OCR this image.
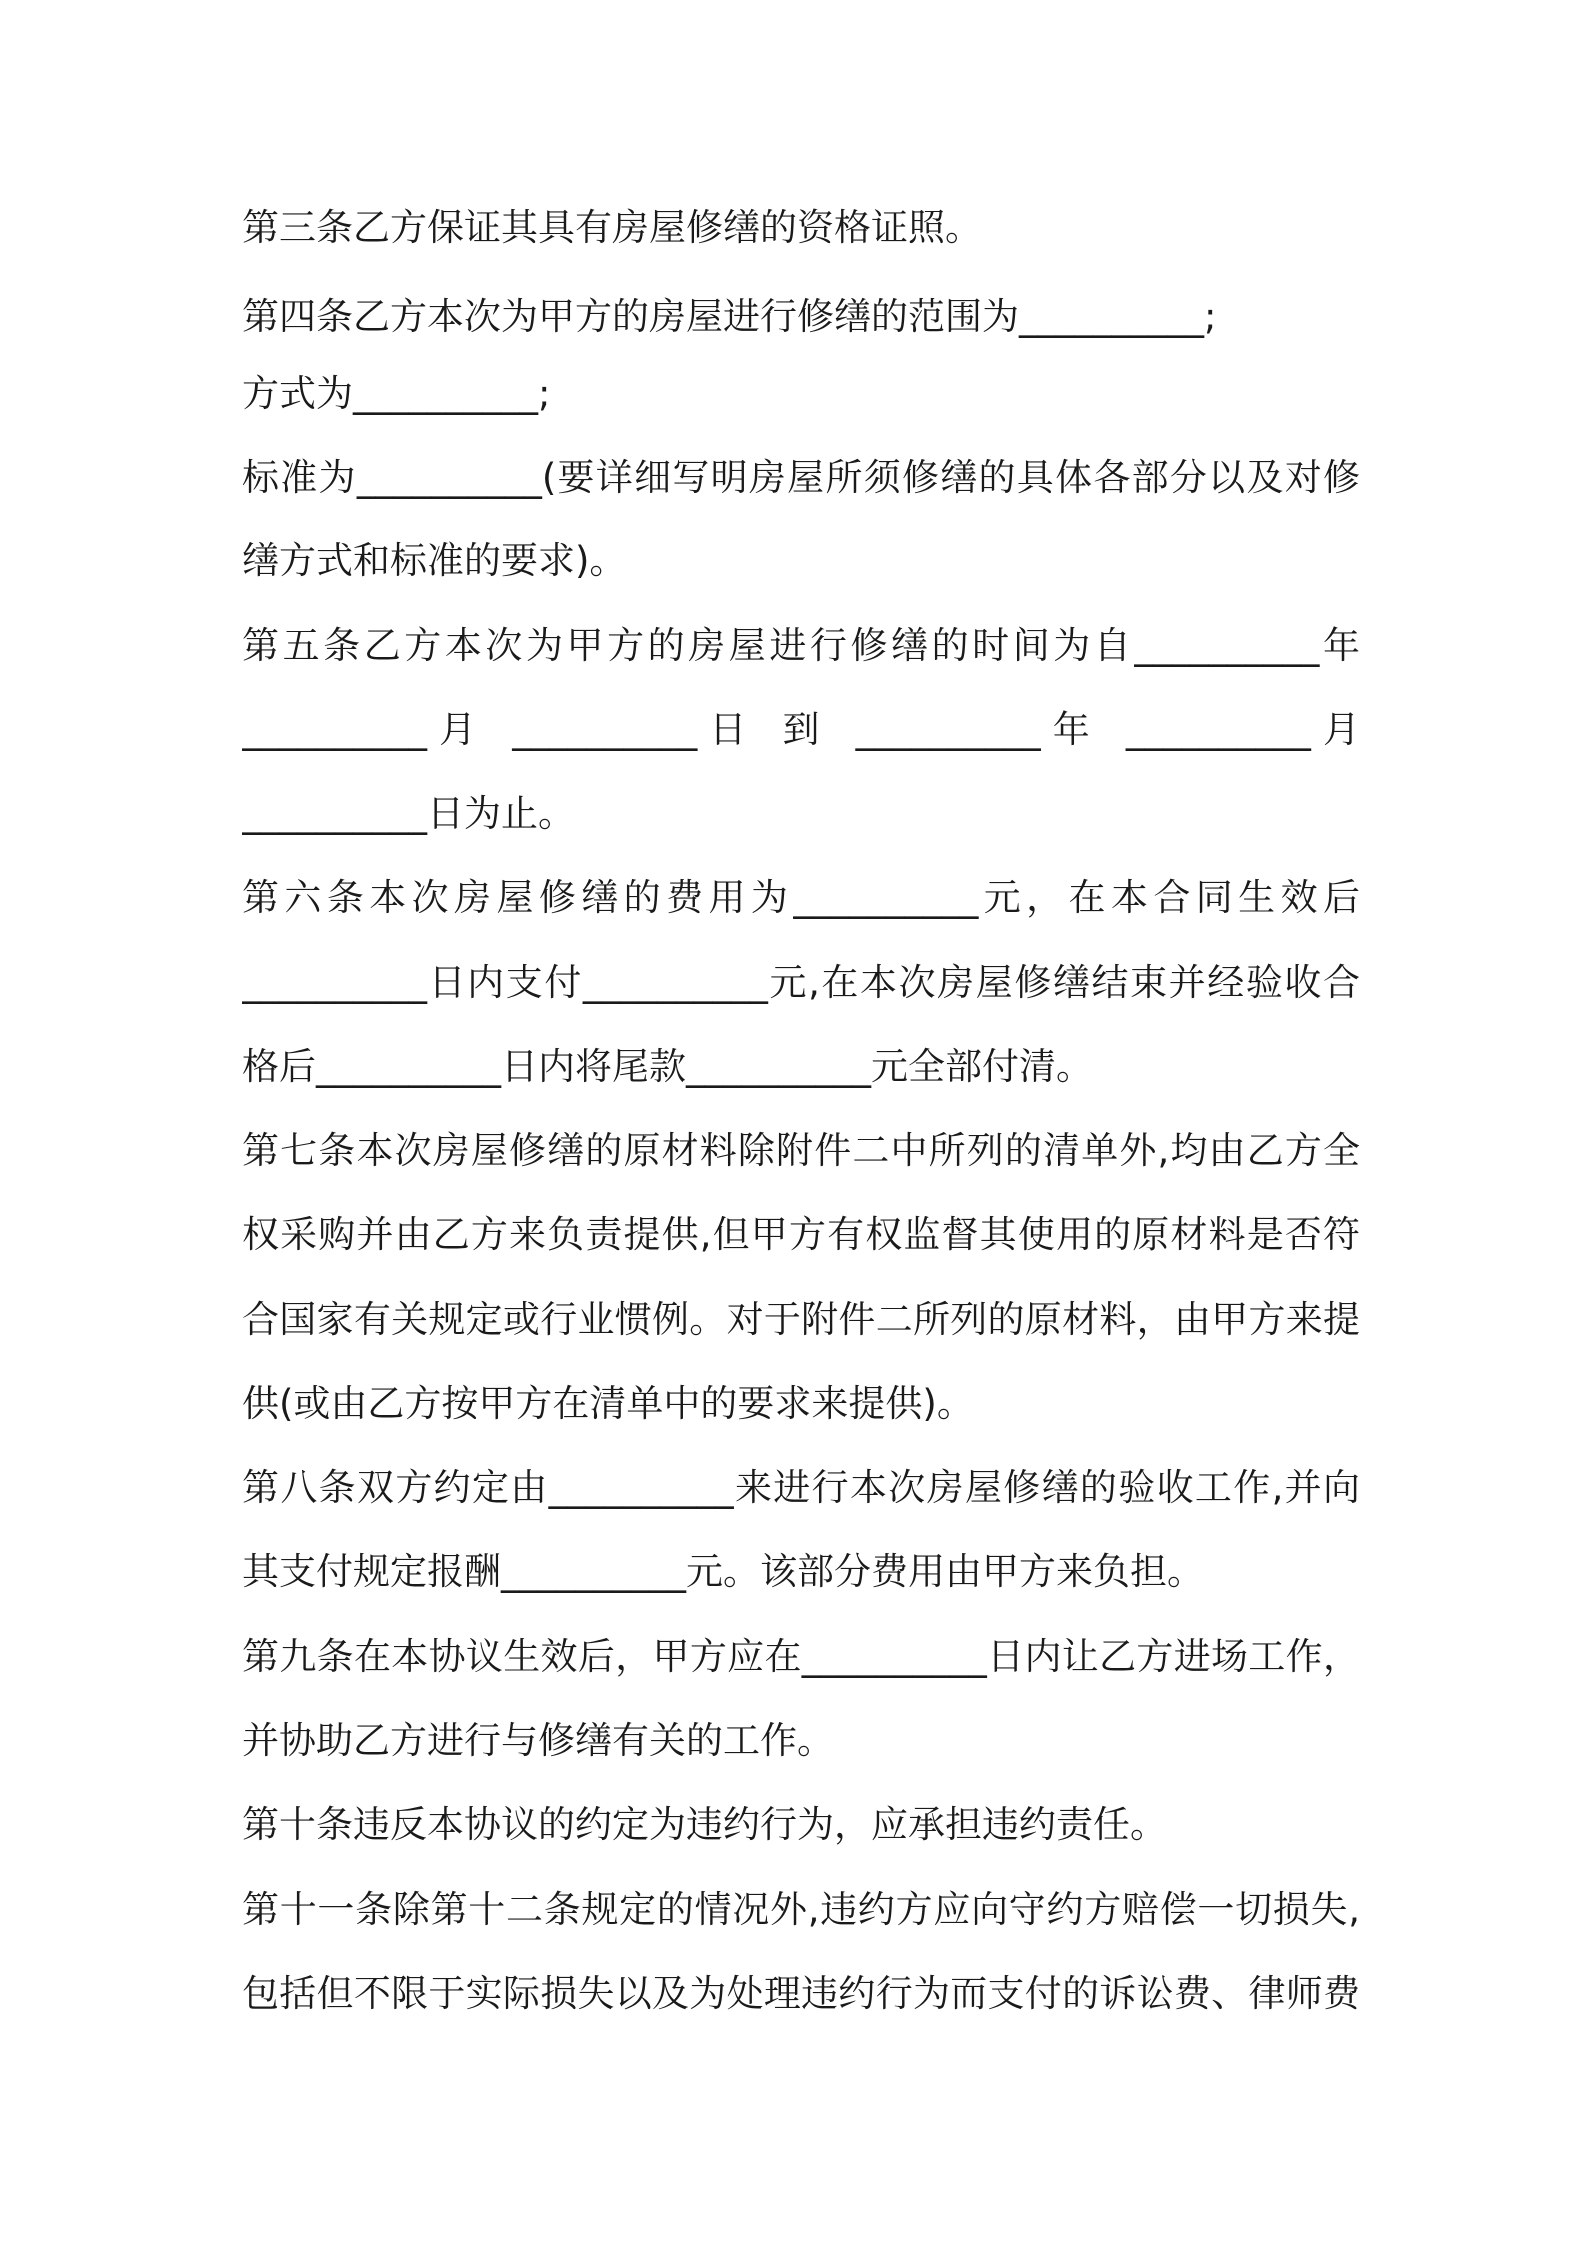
第三条乙方保证其具有房屋修缮的资格证照。
第四条乙方本次为甲方的房屋进行修缮的范围为__________;
方式为__________;
标准为__________(要详细写明房屋所须修缮的具体各部分以及对修
缮方式和标准的要求)。
第五条乙方本次为甲方的房屋进行修缮的时间为自__________年
__________月 __________日 到 __________年 __________月
__________日为止。
第六条本次房屋修缮的费用为__________元，在本合同生效后
__________日内支付__________元,在本次房屋修缮结束并经验收合
格后__________日内将尾款__________元全部付清。
第七条本次房屋修缮的原材料除附件二中所列的清单外,均由乙方全
权采购并由乙方来负责提供,但甲方有权监督其使用的原材料是否符
合国家有关规定或行业惯例。对于附件二所列的原材料，由甲方来提
供(或由乙方按甲方在清单中的要求来提供)。
第八条双方约定由__________来进行本次房屋修缮的验收工作,并向
其支付规定报酬__________元。该部分费用由甲方来负担。
第九条在本协议生效后，甲方应在__________日内让乙方进场工作，
并协助乙方进行与修缮有关的工作。
第十条违反本协议的约定为违约行为，应承担违约责任。
第十一条除第十二条规定的情况外,违约方应向守约方赔偿一切损失,
包括但不限于实际损失以及为处理违约行为而支付的诉讼费、律师费
